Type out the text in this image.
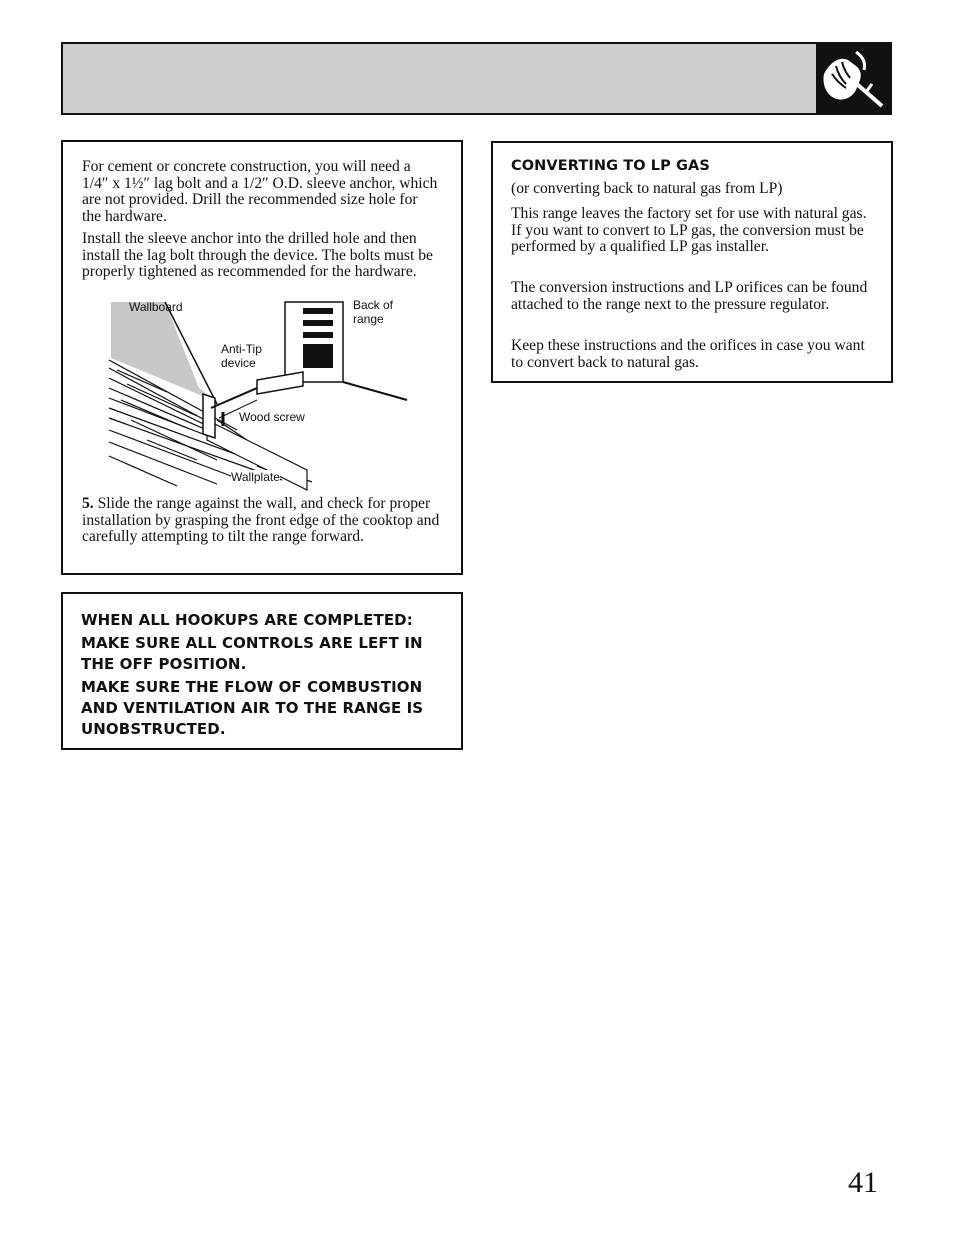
For cement or concrete construction, you will need a 1/4″ x 1½″ lag bolt and a 1/2″ O.D. sleeve anchor, which are not provided. Drill the recommended size hole for the hardware.

Install the sleeve anchor into the drilled hole and then install the lag bolt through the device. The bolts must be properly tightened as recommended for the hardware.

Wallboard	Back of range
Anti-Tip device
Wood screw
Wallplate

5. Slide the range against the wall, and check for proper installation by grasping the front edge of the cooktop and carefully attempting to tilt the range forward.

CONVERTING TO LP GAS

(or converting back to natural gas from LP)

This range leaves the factory set for use with natural gas. If you want to convert to LP gas, the conversion must be performed by a qualified LP gas installer.

The conversion instructions and LP orifices can be found attached to the range next to the pressure regulator.

Keep these instructions and the orifices in case you want to convert back to natural gas.

WHEN ALL HOOKUPS ARE COMPLETED:

MAKE SURE ALL CONTROLS ARE LEFT IN THE OFF POSITION.

MAKE SURE THE FLOW OF COMBUSTION AND VENTILATION AIR TO THE RANGE IS UNOBSTRUCTED.

41
